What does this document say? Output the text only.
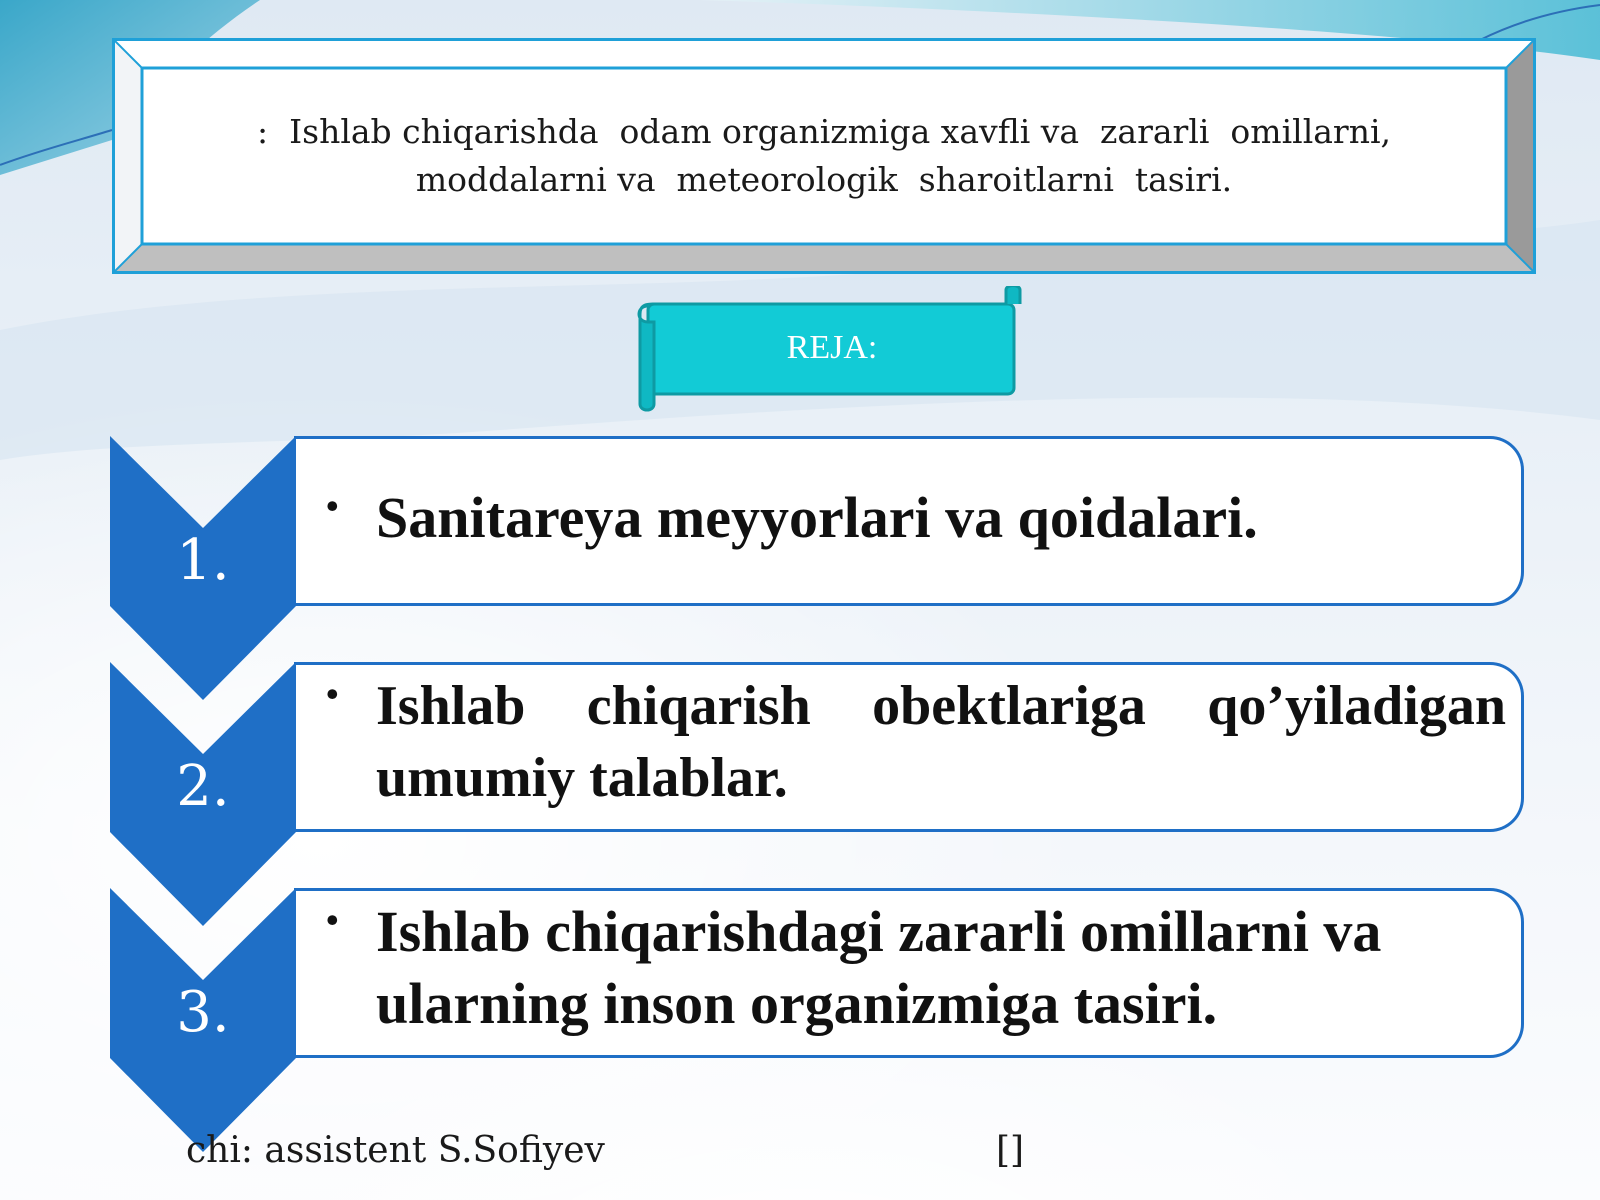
:  Ishlab chiqarishda  odam organizmiga xavfli va  zararli  omillarni, moddalarni va  meteorologik  sharoitlarni  tasiri.
REJA:
1.
• Sanitareya meyyorlari va qoidalari.
2.
• Ishlab chiqarish obektlariga qo’yiladigan umumiy talablar.
3.
• Ishlab chiqarishdagi zararli omillarni va ularning inson organizmiga tasiri.
chi: assistent S.Sofiyev	[]
